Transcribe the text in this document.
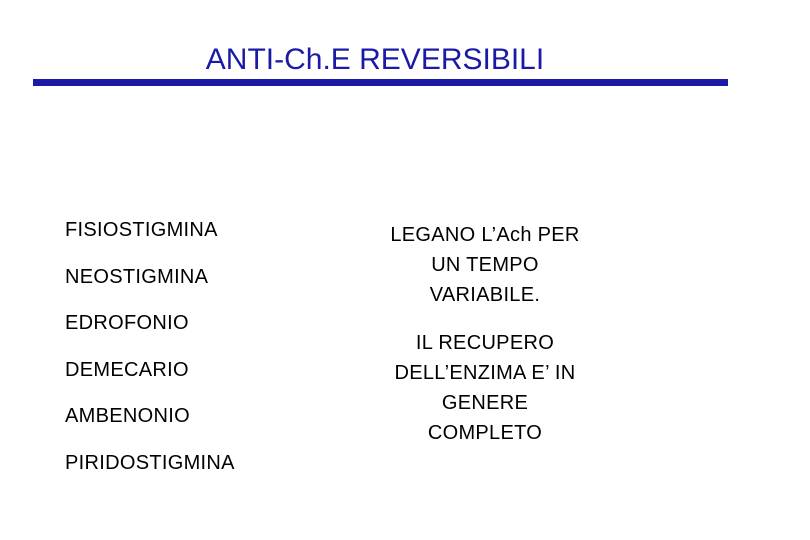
ANTI-Ch.E REVERSIBILI
FISIOSTIGMINA
NEOSTIGMINA
EDROFONIO
DEMECARIO
AMBENONIO
PIRIDOSTIGMINA

LEGANO L’Ach PER
UN TEMPO
VARIABILE.

IL RECUPERO
DELL’ENZIMA E’ IN
GENERE
COMPLETO
